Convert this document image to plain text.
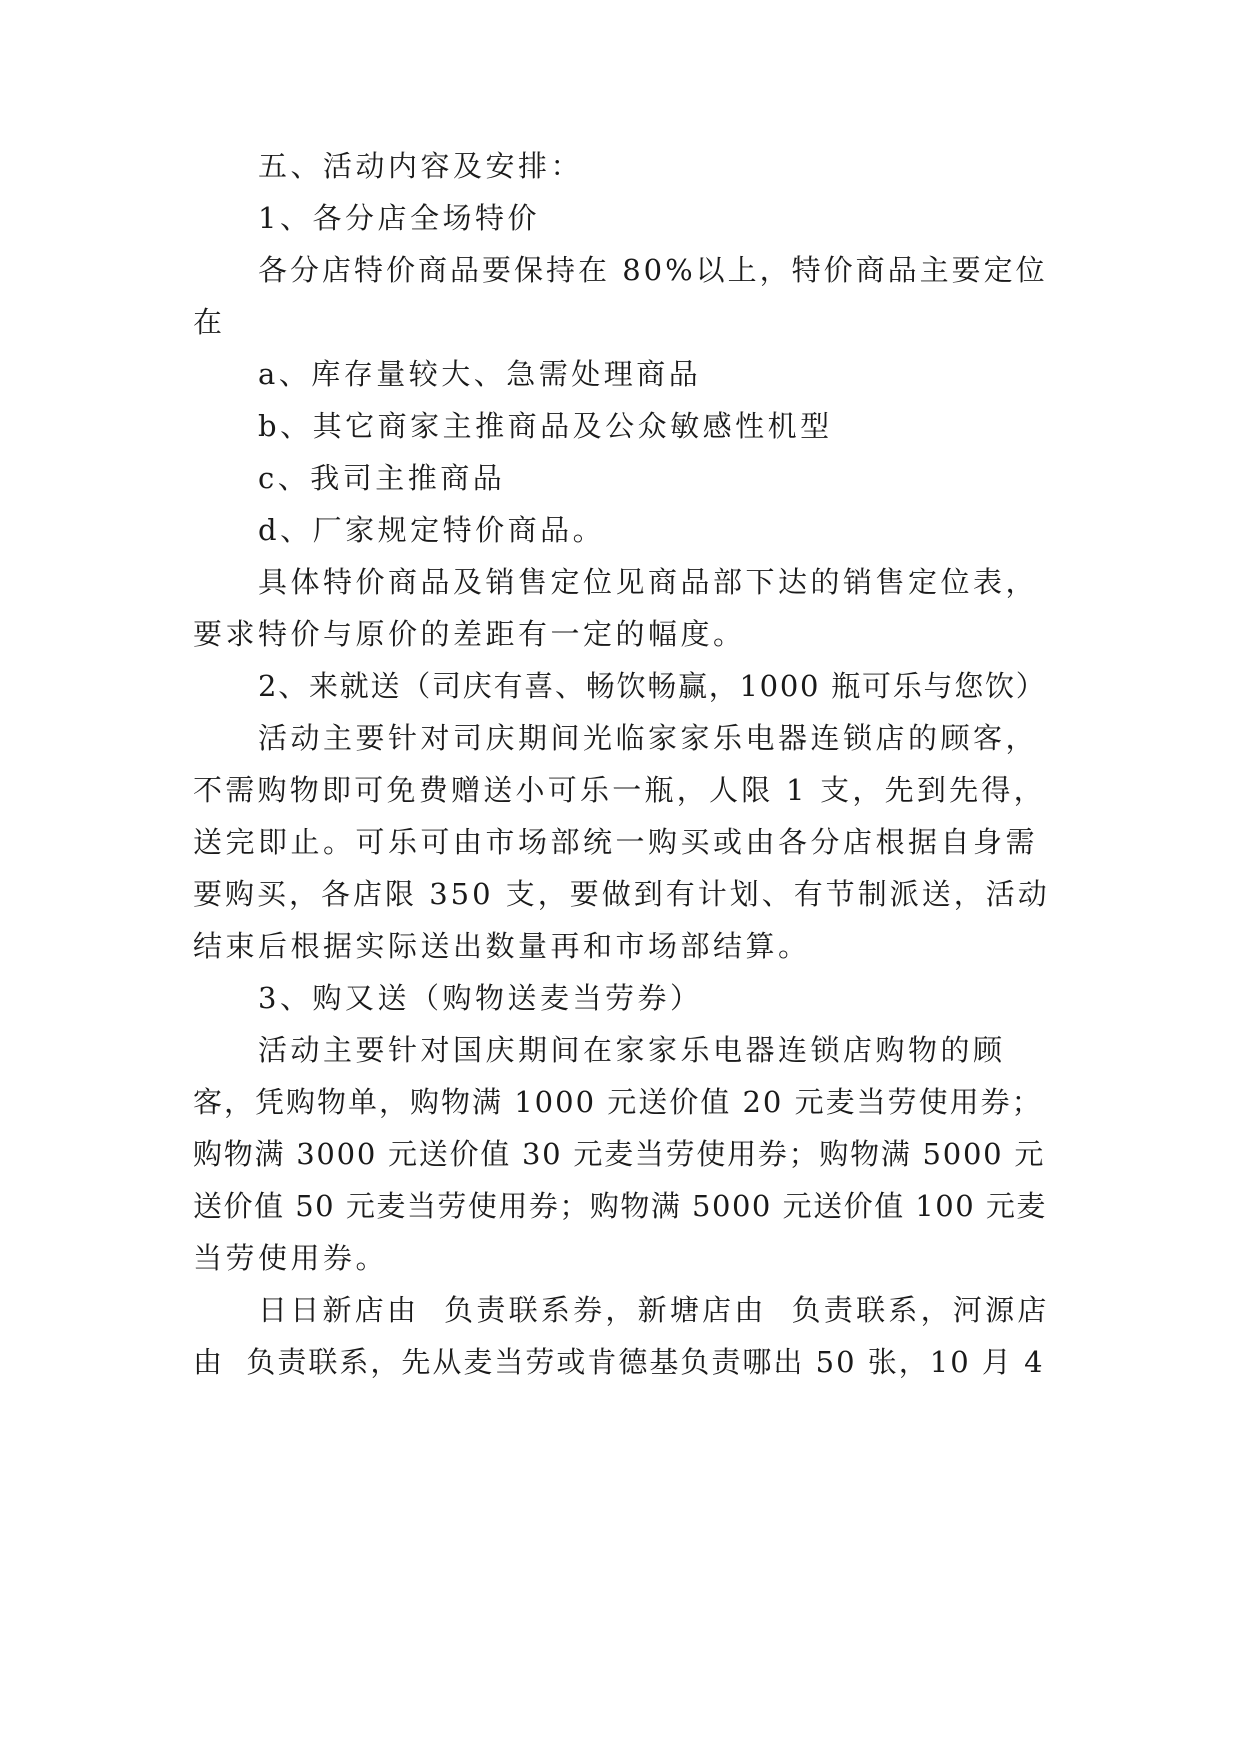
五、活动内容及安排：
1、各分店全场特价
各分店特价商品要保持在 80%以上，特价商品主要定位
在
a、库存量较大、急需处理商品
b、其它商家主推商品及公众敏感性机型
c、我司主推商品
d、厂家规定特价商品。
具体特价商品及销售定位见商品部下达的销售定位表，
要求特价与原价的差距有一定的幅度。
2、来就送（司庆有喜、畅饮畅赢，1000 瓶可乐与您饮）
活动主要针对司庆期间光临家家乐电器连锁店的顾客，
不需购物即可免费赠送小可乐一瓶，人限 1 支，先到先得，
送完即止。可乐可由市场部统一购买或由各分店根据自身需
要购买，各店限 350 支，要做到有计划、有节制派送，活动
结束后根据实际送出数量再和市场部结算。
3、购又送（购物送麦当劳券）
活动主要针对国庆期间在家家乐电器连锁店购物的顾
客，凭购物单，购物满 1000 元送价值 20 元麦当劳使用券；
购物满 3000 元送价值 30 元麦当劳使用券；购物满 5000 元
送价值 50 元麦当劳使用券；购物满 5000 元送价值 100 元麦
当劳使用券。
日日新店由  负责联系券，新塘店由  负责联系，河源店
由  负责联系，先从麦当劳或肯德基负责哪出 50 张，10 月 4
